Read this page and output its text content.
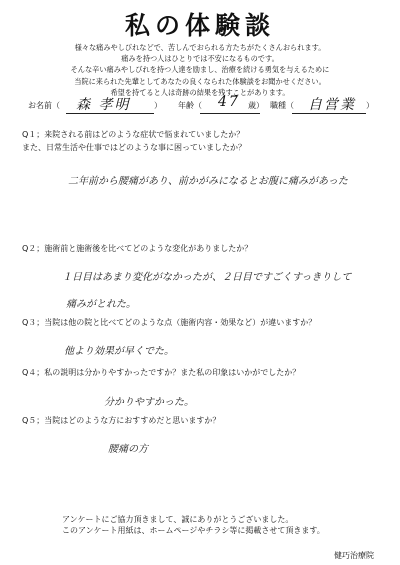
私の体験談
様々な痛みやしびれなどで、苦しんでおられる方たちがたくさんおられます。
痛みを持つ人はひとりでは不安になるものです。
そんな辛い痛みやしびれを持つ人達を励まし、治療を続ける勇気を与えるために
当院に来られた先輩としてあなたの良くなられた体験談をお聞かせください。
希望を持てると人は奇跡の結果を残すことがあります。
お名前（ 森 孝明	） 年齢（ 47 歳） 職種（ 自営業 ）
Q１；来院される前はどのような症状で悩まれていましたか？
また、日常生活や仕事ではどのような事に困っていましたか？
二年前から腰痛があり、前かがみになるとお腹に痛みがあった
Q２；施術前と施術後を比べてどのような変化がありましたか？
１日目はあまり変化がなかったが、２日目ですごくすっきりして
痛みがとれた。
Q３；当院は他の院と比べてどのような点（施術内容・効果など）が違いますか？
他より効果が早くでた。
Q４；私の説明は分かりやすかったですか？また私の印象はいかがでしたか？
分かりやすかった。
Q５；当院はどのような方におすすめだと思いますか？
腰痛の方
アンケートにご協力頂きまして、誠にありがとうございました。
このアンケート用紙は、ホームページやチラシ等に掲載させて頂きます。
健巧治療院
